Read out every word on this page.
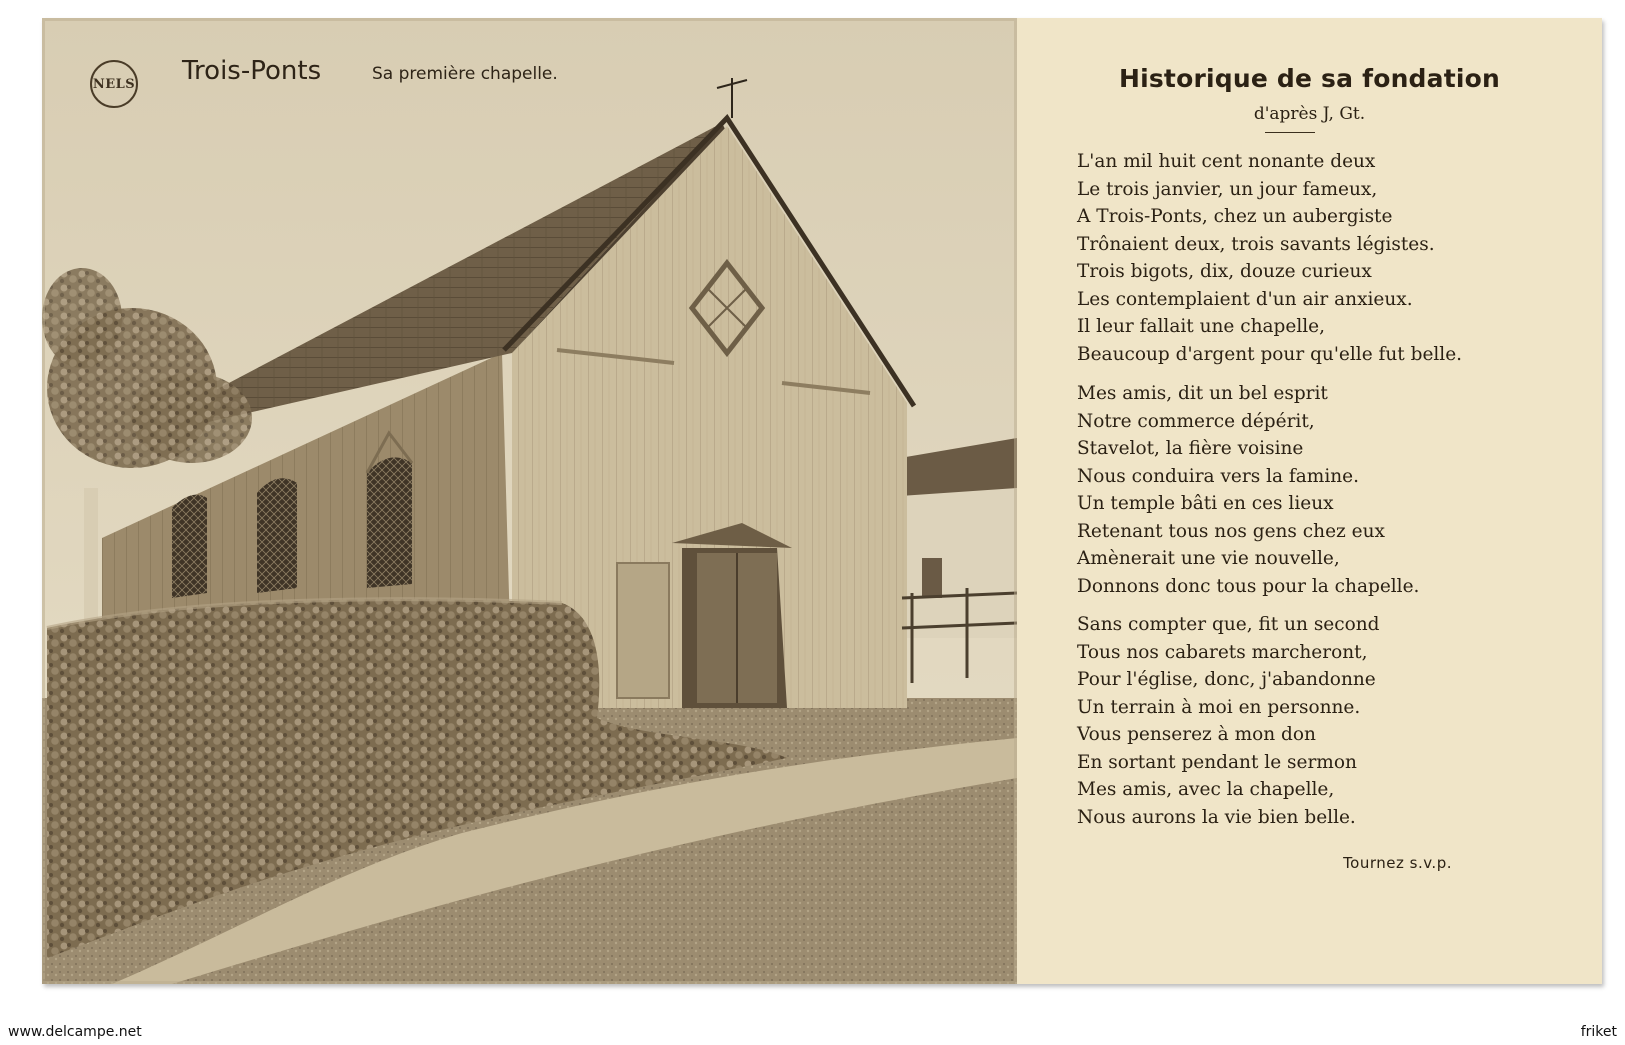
NELS Trois-Ponts	Sa première chapelle.	Historique de sa fondation
d'après J, Gt.
L'an mil huit cent nonante deux
Le trois janvier, un jour fameux,
A Trois-Ponts, chez un aubergiste
Trônaient deux, trois savants légistes.
Trois bigots, dix, douze curieux
Les contemplaient d'un air anxieux.
Il leur fallait une chapelle,
Beaucoup d'argent pour qu'elle fut belle.
Mes amis, dit un bel esprit
Notre commerce dépérit,
Stavelot, la fière voisine
Nous conduira vers la famine.
Un temple bâti en ces lieux
Retenant tous nos gens chez eux
Amènerait une vie nouvelle,
Donnons donc tous pour la chapelle.
Sans compter que, fit un second
Tous nos cabarets marcheront,
Pour l'église, donc, j'abandonne
Un terrain à moi en personne.
Vous penserez à mon don
En sortant pendant le sermon
Mes amis, avec la chapelle,
Nous aurons la vie bien belle.
Tournez s.v.p.
www.delcampe.net	friket
